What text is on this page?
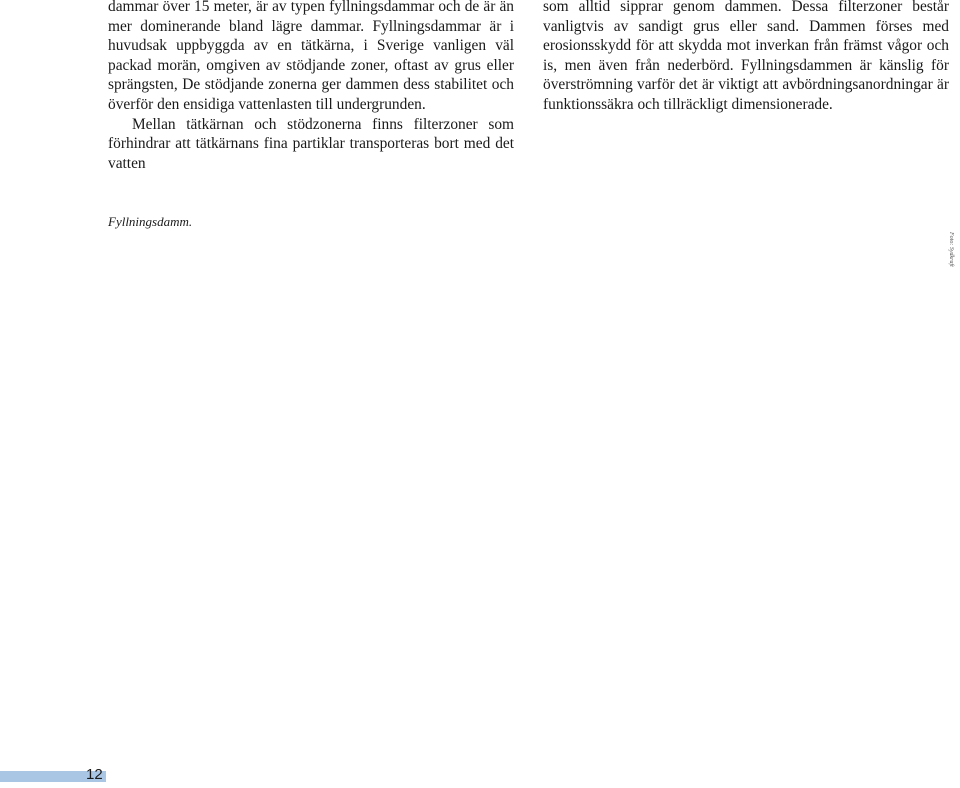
dammar över 15 meter, är av typen fyllningsdammar och de är än mer dominerande bland lägre dammar. Fyllningsdammar är i huvudsak uppbyggda av en tätkärna, i Sverige vanligen väl packad morän, omgiven av stödjande zoner, oftast av grus eller sprängsten, De stödjande zonerna ger dammen dess stabilitet och överför den ensidiga vattenlasten till undergrunden.

Mellan tätkärnan och stödzonerna finns filterzoner som förhindrar att tätkärnans fina partiklar transporteras bort med det vatten

som alltid sipprar genom dammen. Dessa filterzoner består vanligtvis av sandigt grus eller sand. Dammen förses med erosionsskydd för att skydda mot inverkan från främst vågor och is, men även från nederbörd. Fyllningsdammen är känslig för överströmning varför det är viktigt att avbördningsanordningar är funktionssäkra och tillräckligt dimensionerade.

Fyllningsdamm.
Foto: Sydkraft
12
